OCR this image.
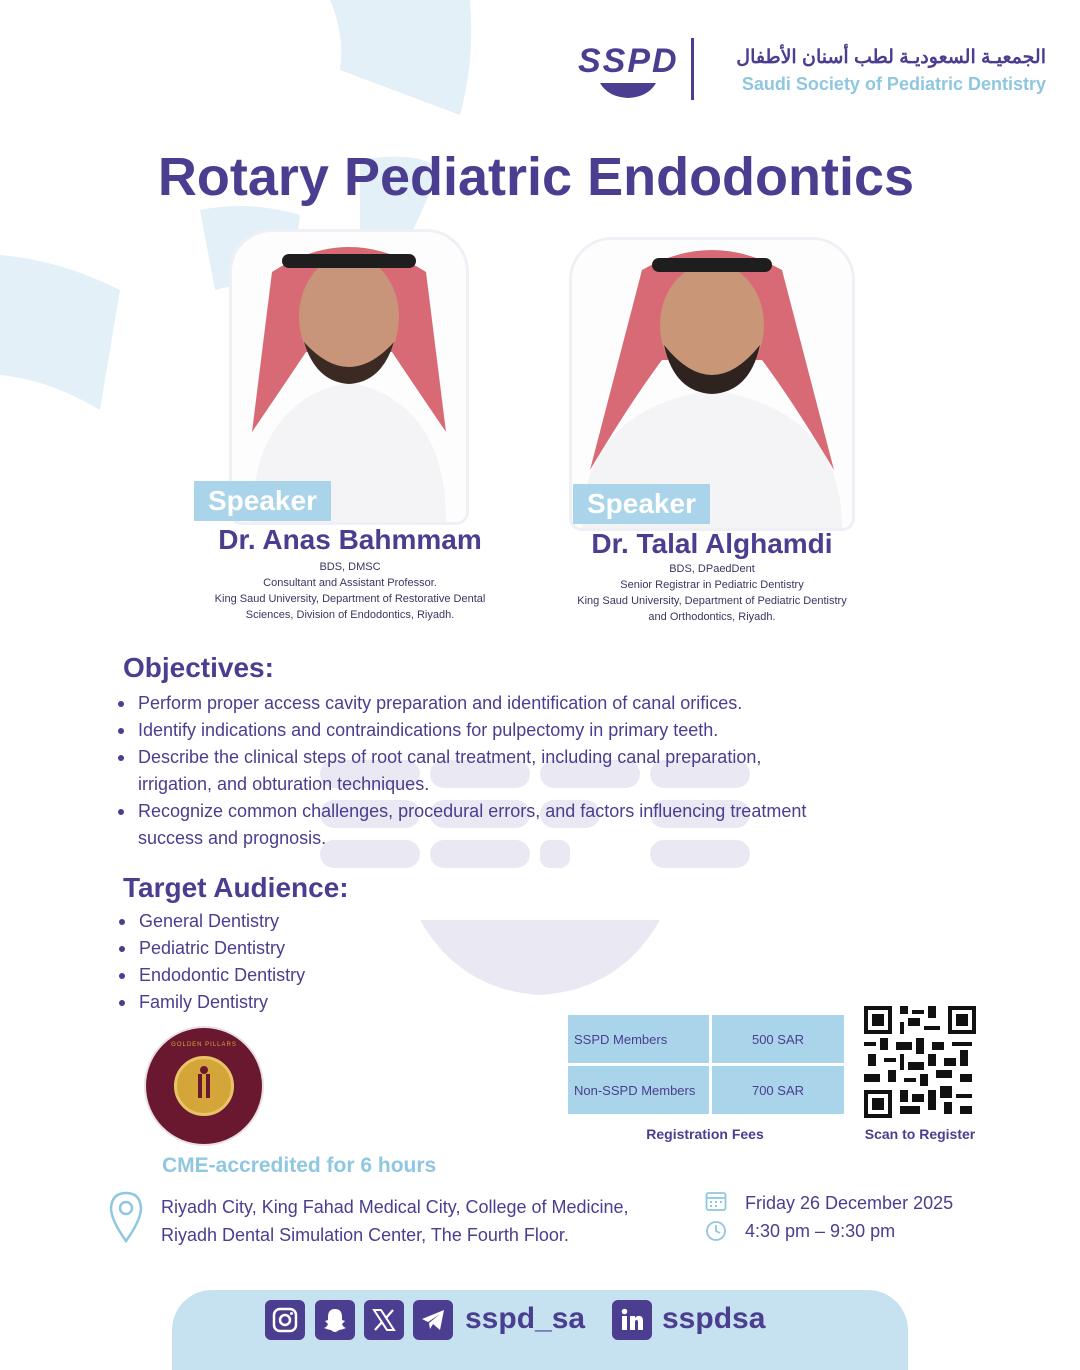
SSPD	الجمعيـة السعوديـة لطب أسنان الأطفال
Saudi Society of Pediatric Dentistry
Rotary Pediatric Endodontics
Speaker
Dr. Anas Bahmmam
BDS, DMSC
Consultant and Assistant Professor.
King Saud University, Department of Restorative Dental
Sciences, Division of Endodontics, Riyadh.
Speaker
Dr. Talal Alghamdi
BDS, DPaedDent
Senior Registrar in Pediatric Dentistry
King Saud University, Department of Pediatric Dentistry
and Orthodontics, Riyadh.
Objectives:
Perform proper access cavity preparation and identification of canal orifices.
Identify indications and contraindications for pulpectomy in primary teeth.
Describe the clinical steps of root canal treatment, including canal preparation,
irrigation, and obturation techniques.
Recognize common challenges, procedural errors, and factors influencing treatment
success and prognosis.
Target Audience:
General Dentistry
Pediatric Dentistry
Endodontic Dentistry
Family Dentistry
GOLDEN PILLARS	SSPD Members	500 SAR
Non-SSPD Members	700 SAR
Registration Fees	Scan to Register
CME-accredited for 6 hours
Riyadh City, King Fahad Medical City, College of Medicine,
Riyadh Dental Simulation Center, The Fourth Floor.
Friday 26 December 2025
4:30 pm – 9:30 pm
sspd_sa	sspdsa
